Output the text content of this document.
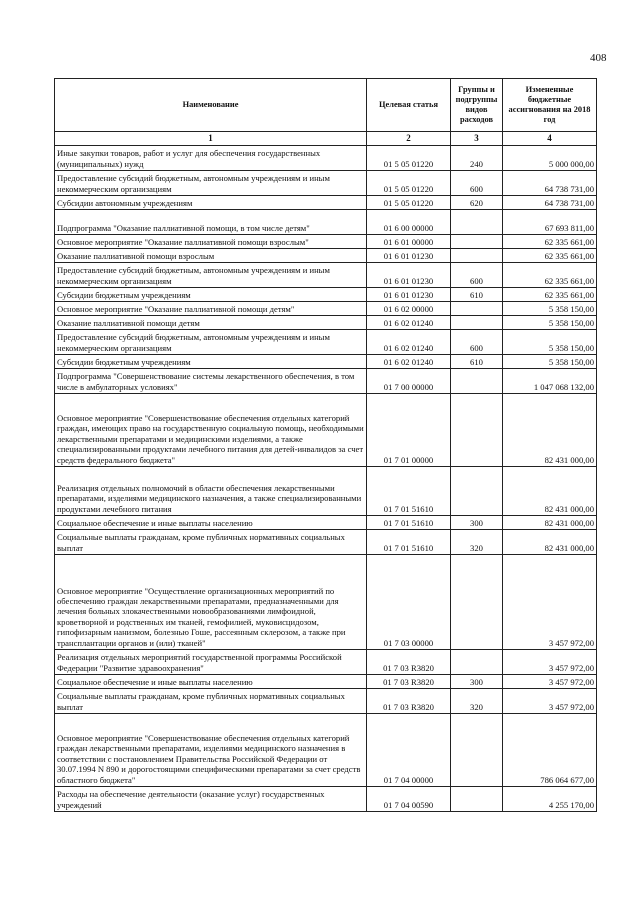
408
Наименование	Целевая статья	Группы и подгруппы видов расходов	Измененные бюджетные ассигнования на 2018 год
1	2	3	4
Иные закупки товаров, работ и услуг для обеспечения государственных (муниципальных) нужд	01 5 05 01220	240	5 000 000,00
Предоставление субсидий бюджетным, автономным учреждениям и иным некоммерческим организациям	01 5 05 01220	600	64 738 731,00
Субсидии автономным учреждениям	01 5 05 01220	620	64 738 731,00
Подпрограмма "Оказание паллиативной помощи, в том числе детям"	01 6 00 00000		67 693 811,00
Основное мероприятие "Оказание паллиативной помощи взрослым"	01 6 01 00000		62 335 661,00
Оказание паллиативной помощи взрослым	01 6 01 01230		62 335 661,00
Предоставление субсидий бюджетным, автономным учреждениям и иным некоммерческим организациям	01 6 01 01230	600	62 335 661,00
Субсидии бюджетным учреждениям	01 6 01 01230	610	62 335 661,00
Основное мероприятие "Оказание паллиативной помощи детям"	01 6 02 00000		5 358 150,00
Оказание паллиативной помощи детям	01 6 02 01240		5 358 150,00
Предоставление субсидий бюджетным, автономным учреждениям и иным некоммерческим организациям	01 6 02 01240	600	5 358 150,00
Субсидии бюджетным учреждениям	01 6 02 01240	610	5 358 150,00
Подпрограмма "Совершенствование системы лекарственного обеспечения, в том числе в амбулаторных условиях"	01 7 00 00000		1 047 068 132,00
Основное мероприятие "Совершенствование обеспечения отдельных категорий граждан, имеющих право на государственную социальную помощь, необходимыми лекарственными препаратами и медицинскими изделиями, а также специализированными продуктами лечебного питания для детей-инвалидов за счет средств федерального бюджета"	01 7 01 00000		82 431 000,00
Реализация отдельных полномочий в области обеспечения лекарственными препаратами, изделиями медицинского назначения, а также специализированными продуктами лечебного питания	01 7 01 51610		82 431 000,00
Социальное обеспечение и иные выплаты населению	01 7 01 51610	300	82 431 000,00
Социальные выплаты гражданам, кроме публичных нормативных социальных выплат	01 7 01 51610	320	82 431 000,00
Основное мероприятие "Осуществление организационных мероприятий по обеспечению граждан лекарственными препаратами, предназначенными для лечения больных злокачественными новообразованиями лимфоидной, кроветворной и родственных им тканей, гемофилией, муковисцидозом, гипофизарным нанизмом, болезнью Гоше, рассеянным склерозом, а также при трансплантации органов и (или) тканей"	01 7 03 00000		3 457 972,00
Реализация отдельных мероприятий государственной программы Российской Федерации "Развитие здравоохранения"	01 7 03 R3820		3 457 972,00
Социальное обеспечение и иные выплаты населению	01 7 03 R3820	300	3 457 972,00
Социальные выплаты гражданам, кроме публичных нормативных социальных выплат	01 7 03 R3820	320	3 457 972,00
Основное мероприятие "Совершенствование обеспечения отдельных категорий граждан лекарственными препаратами, изделиями медицинского назначения в соответствии с постановлением Правительства Российской Федерации от 30.07.1994 N 890 и дорогостоящими специфическими препаратами за счет средств областного бюджета"	01 7 04 00000		786 064 677,00
Расходы на обеспечение деятельности (оказание услуг) государственных учреждений	01 7 04 00590		4 255 170,00
